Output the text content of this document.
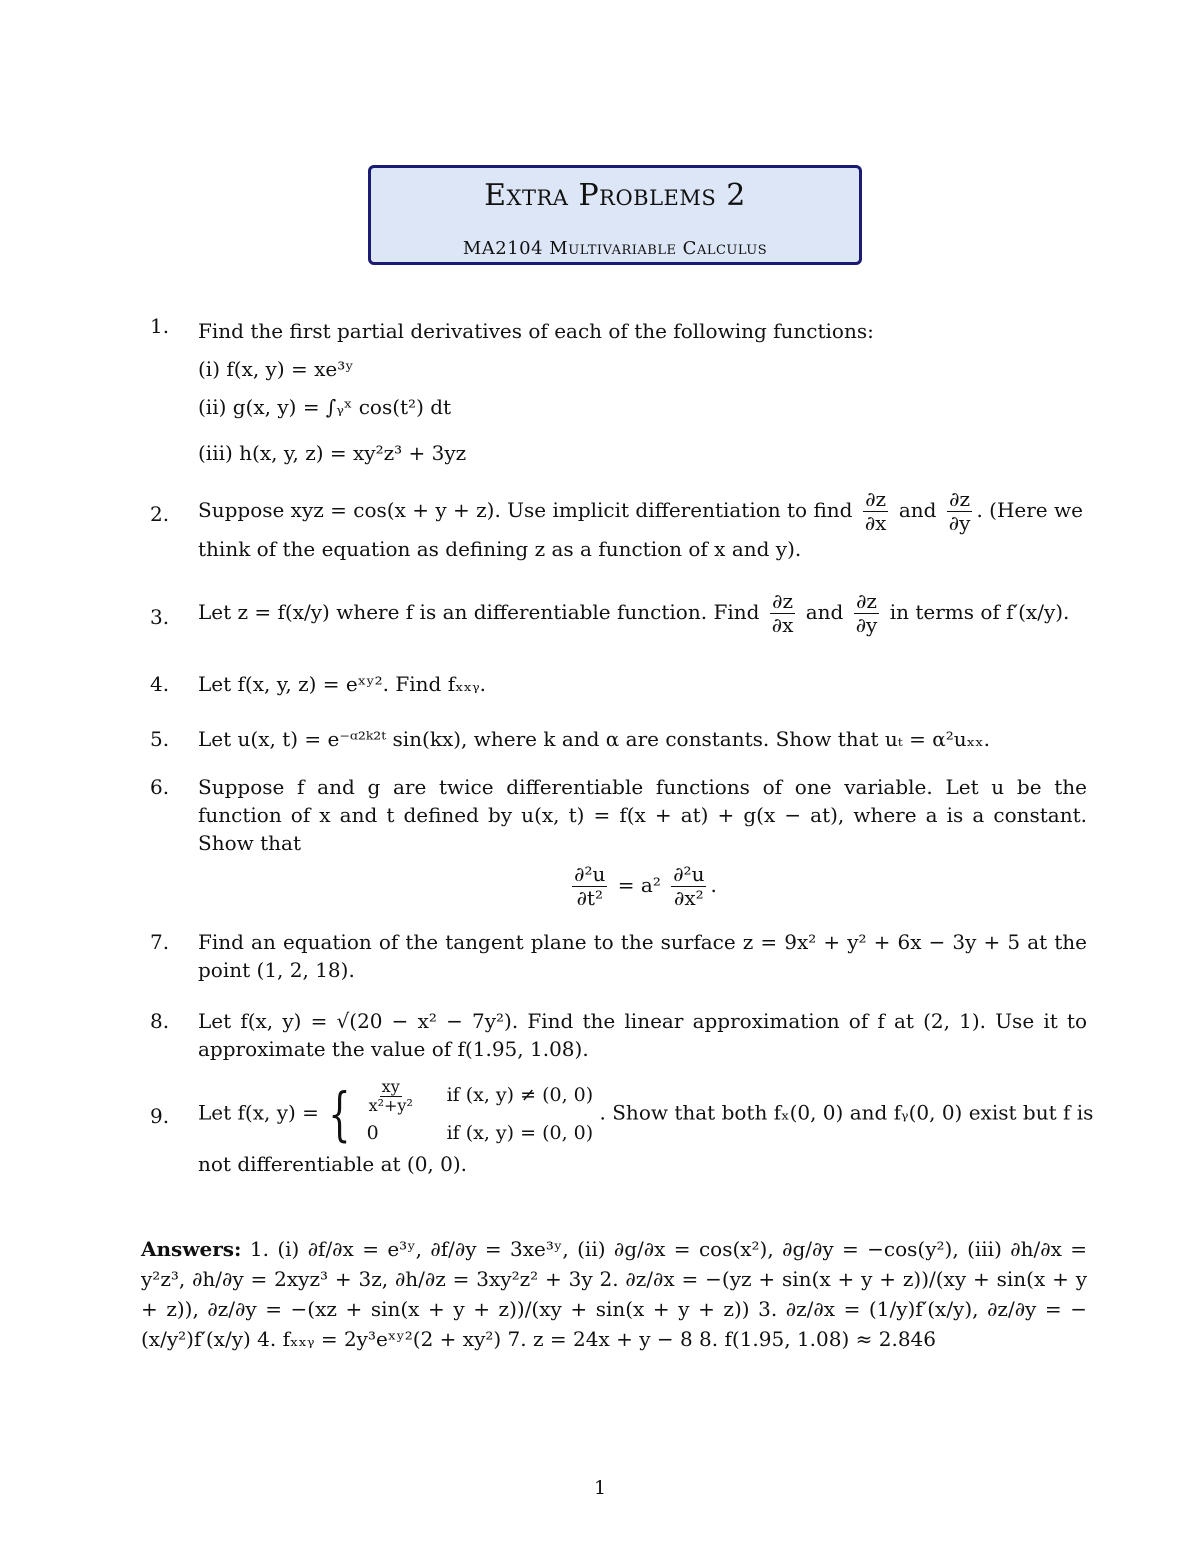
Extra Problems 2
MA2104 Multivariable Calculus
1. Find the first partial derivatives of each of the following functions:
(i) f(x, y) = xe³ʸ
(ii) g(x, y) = ∫ᵧˣ cos(t²) dt
(iii) h(x, y, z) = xy²z³ + 3yz
2. Suppose xyz = cos(x + y + z). Use implicit differentiation to find $\frac{\partial z}{\partial x}$ and $\frac{\partial z}{\partial y}$ . (Here we
think of the equation as defining z as a function of x and y).
3. Let z = f(x/y) where f is an differentiable function. Find $\frac{\partial z}{\partial x}$ and $\frac{\partial z}{\partial y}$ in terms of f′(x/y).
4. Let f(x, y, z) = eˣʸ². Find fₓₓᵧ.
5. Let u(x, t) = e⁻ᵅ²ᵏ²ᵗ sin(kx), where k and α are constants. Show that uₜ = α²uₓₓ.
6. Suppose f and g are twice differentiable functions of one variable. Let u be the function of x and t defined by u(x, t) = f(x + at) + g(x − at), where a is a constant. Show that

$\frac{\text{∂²u}}{\text{∂t²}} = a^2 \frac{\text{∂²u}}{\text{∂x²}}$ .
7. Find an equation of the tangent plane to the surface z = 9x² + y² + 6x − 3y + 5 at the point (1, 2, 18).

8. Let f(x, y) = √(20 − x² − 7y²). Find the linear approximation of f at (2, 1). Use it to approximate the value of f(1.95, 1.08).

9. Let f(x, y) = { $\frac{xy}{\text{x²+y²}}$ if (x, y) ≠ (0, 0)
0	if (x, y) = (0, 0)
. Show that both fₓ(0, 0) and fᵧ(0, 0) exist but f is
not differentiable at (0, 0).
Answers: 1. (i) ∂f/∂x = e³ʸ, ∂f/∂y = 3xe³ʸ, (ii) ∂g/∂x = cos(x²), ∂g/∂y = −cos(y²), (iii) ∂h/∂x = y²z³, ∂h/∂y = 2xyz³ + 3z, ∂h/∂z = 3xy²z² + 3y 2. ∂z/∂x = −(yz + sin(x + y + z))/(xy + sin(x + y + z)), ∂z/∂y = −(xz + sin(x + y + z))/(xy + sin(x + y + z)) 3. ∂z/∂x = (1/y)f′(x/y), ∂z/∂y = −(x/y²)f′(x/y) 4. fₓₓᵧ = 2y³eˣʸ²(2 + xy²) 7. z = 24x + y − 8 8. f(1.95, 1.08) ≈ 2.846
1
